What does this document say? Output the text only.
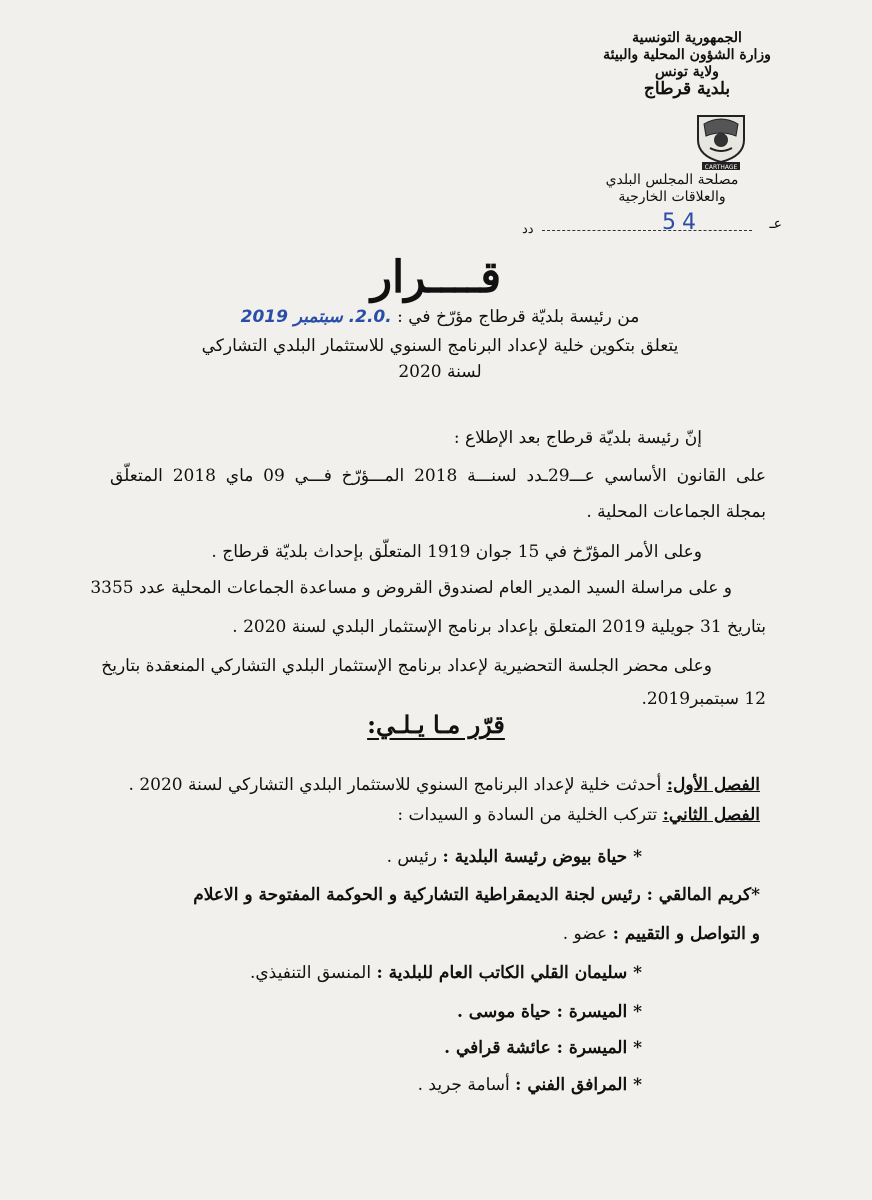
الجمهورية التونسية
وزارة الشؤون المحلية والبيئة
ولاية تونس
بلدية قرطاج
CARTHAGE
مصلحة المجلس البلدي
والعلاقات الخارجية
عـ
54
دد
قــــرار
من رئيسة بلديّة قرطاج مؤرّخ في : .2.0. سبتمبر 2019
يتعلق بتكوين خلية لإعداد البرنامج السنوي للاستثمار البلدي التشاركي
لسنة 2020
إنّ رئيسة بلديّة قرطاج بعد الإطلاع :
على القانون الأساسي عـــ29ـدد لسنـــة 2018 المـــؤرّخ فـــي 09 ماي 2018 المتعلّق
بمجلة الجماعات المحلية .
وعلى الأمر المؤرّخ في 15 جوان 1919 المتعلّق بإحداث بلديّة قرطاج .
و على مراسلة السيد المدير العام لصندوق القروض و مساعدة الجماعات المحلية عدد 3355
بتاريخ 31 جويلية 2019 المتعلق بإعداد برنامج الإستثمار البلدي لسنة 2020 .
وعلى محضر الجلسة التحضيرية لإعداد برنامج الإستثمار البلدي التشاركي المنعقدة بتاريخ
12 سبتمبر2019.
قرّر مـا يـلـي:
الفصل الأول: أحدثت خلية لإعداد البرنامج السنوي للاستثمار البلدي التشاركي لسنة 2020 .
الفصل الثاني: تتركب الخلية من السادة و السيدات :
* حياة بيوض رئيسة البلدية : رئيس .
*كريم المالقي : رئيس لجنة الديمقراطية التشاركية و الحوكمة المفتوحة و الاعلام
و التواصل و التقييم : عضو .
* سليمان القلي الكاتب العام للبلدية : المنسق التنفيذي.
* الميسرة : حياة موسى .
* الميسرة : عائشة قرافي .
* المرافق الفني : أسامة جريد .
